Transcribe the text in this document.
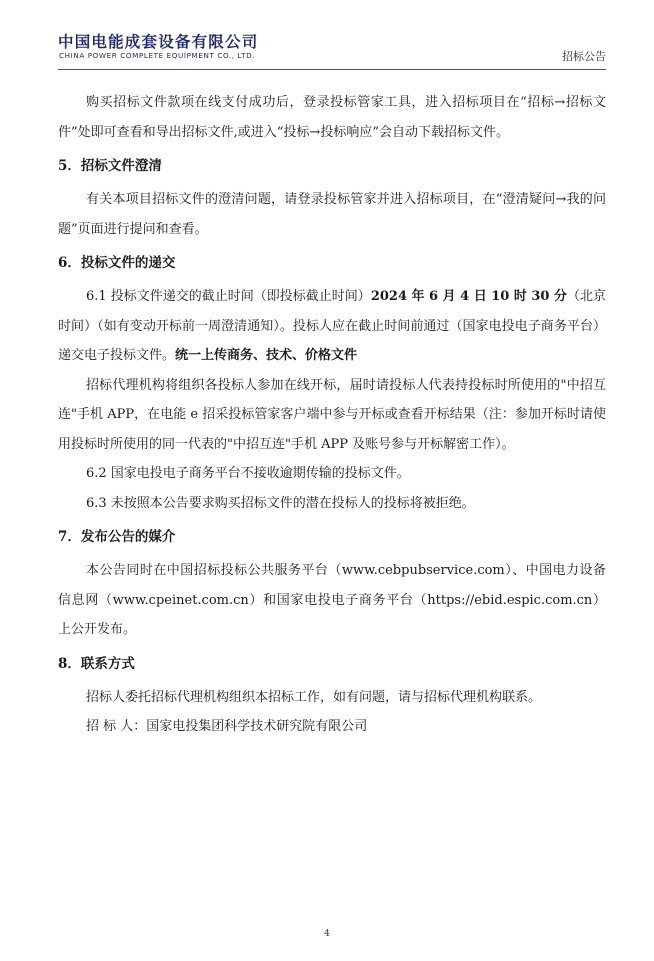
中国电能成套设备有限公司
CHINA POWER COMPLETE EQUIPMENT CO., LTD.	招标公告

购买招标文件款项在线支付成功后，登录投标管家工具，进入招标项目在“招标→招标文件”处即可查看和导出招标文件,或进入“投标→投标响应”会自动下载招标文件。

5．招标文件澄清

有关本项目招标文件的澄清问题，请登录投标管家并进入招标项目，在“澄清疑问→我的问题”页面进行提问和查看。

6．投标文件的递交

6.1 投标文件递交的截止时间（即投标截止时间）2024 年 6 月 4 日 10 时 30 分（北京时间）（如有变动开标前一周澄清通知）。投标人应在截止时间前通过（国家电投电子商务平台）递交电子投标文件。统一上传商务、技术、价格文件

招标代理机构将组织各投标人参加在线开标，届时请投标人代表持投标时所使用的"中招互连"手机 APP，在电能 e 招采投标管家客户端中参与开标或查看开标结果（注：参加开标时请使用投标时所使用的同一代表的"中招互连"手机 APP 及账号参与开标解密工作）。

6.2 国家电投电子商务平台不接收逾期传输的投标文件。

6.3 未按照本公告要求购买招标文件的潜在投标人的投标将被拒绝。

7．发布公告的媒介

本公告同时在中国招标投标公共服务平台（www.cebpubservice.com）、中国电力设备信息网（www.cpeinet.com.cn）和国家电投电子商务平台（https://ebid.espic.com.cn）上公开发布。

8．联系方式

招标人委托招标代理机构组织本招标工作，如有问题，请与招标代理机构联系。

招 标 人：国家电投集团科学技术研究院有限公司

4
